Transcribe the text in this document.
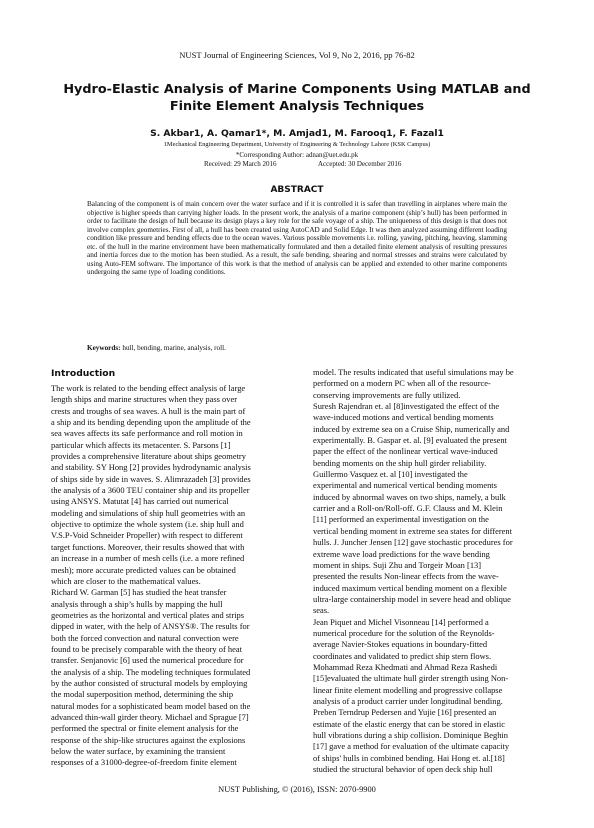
NUST Journal of Engineering Sciences, Vol 9, No 2, 2016, pp 76-82
Hydro-Elastic Analysis of Marine Components Using MATLAB and Finite Element Analysis Techniques
S. Akbar1, A. Qamar1*, M. Amjad1, M. Farooq1, F. Fazal1
1Mechanical Engineering Department, University of Engineering & Technology Lahore (KSK Campus)
*Corresponding Author: adnan@uet.edu.pk
Received: 29 March 2016	Accepted: 30 December 2016
ABSTRACT

Balancing of the component is of main concern over the water surface and if it is controlled it is safer than travelling in airplanes where main the objective is higher speeds than carrying higher loads. In the present work, the analysis of a marine component (ship’s hull) has been performed in order to facilitate the design of hull because its design plays a key role for the safe voyage of a ship. The uniqueness of this design is that does not involve complex geometries. First of all, a hull has been created using AutoCAD and Solid Edge. It was then analyzed assuming different loading condition like pressure and bending effects due to the ocean waves. Various possible movements i.e. rolling, yawing, pitching, heaving, slamming etc. of the hull in the marine environment have been mathematically formulated and then a detailed finite element analysis of resulting pressures and inertia forces due to the motion has been studied. As a result, the safe bending, shearing and normal stresses and strains were calculated by using Auto-FEM software. The importance of this work is that the method of analysis can be applied and extended to other marine components undergoing the same type of loading conditions.

Keywords: hull, bending, marine, analysis, roll.

Introduction
The work is related to the bending effect analysis of large
length ships and marine structures when they pass over
crests and troughs of sea waves. A hull is the main part of
a ship and its bending depending upon the amplitude of the
sea waves affects its safe performance and roll motion in
particular which affects its metacenter. S. Parsons [1]
provides a comprehensive literature about ships geometry
and stability. SY Hong [2] provides hydrodynamic analysis
of ships side by side in waves. S. Alimrazadeh [3] provides
the analysis of a 3600 TEU container ship and its propeller
using ANSYS. Matutat [4] has carried out numerical
modeling and simulations of ship hull geometries with an
objective to optimize the whole system (i.e. ship hull and
V.S.P-Void Schneider Propeller) with respect to different
target functions. Moreover, their results showed that with
an increase in a number of mesh cells (i.e. a more refined
mesh); more accurate predicted values can be obtained
which are closer to the mathematical values.
Richard W. Garman [5] has studied the heat transfer
analysis through a ship’s hulls by mapping the hull
geometries as the horizontal and vertical plates and strips
dipped in water, with the help of ANSYS®. The results for
both the forced convection and natural convection were
found to be precisely comparable with the theory of heat
transfer. Senjanovic [6] used the numerical procedure for
the analysis of a ship. The modeling techniques formulated
by the author consisted of structural models by employing
the modal superposition method, determining the ship
natural modes for a sophisticated beam model based on the
advanced thin-wall girder theory. Michael and Sprague [7]
performed the spectral or finite element analysis for the
response of the ship-like structures against the explosions
below the water surface, by examining the transient
responses of a 31000-degree-of-freedom finite element
model. The results indicated that useful simulations may be
performed on a modern PC when all of the resource-
conserving improvements are fully utilized.
Suresh Rajendran et. al [8]investigated the effect of the
wave-induced motions and vertical bending moments
induced by extreme sea on a Cruise Ship, numerically and
experimentally. B. Gaspar et. al. [9] evaluated the present
paper the effect of the nonlinear vertical wave-induced
bending moments on the ship hull girder reliability.
Guillermo Vasquez et. al [10] investigated the
experimental and numerical vertical bending moments
induced by abnormal waves on two ships, namely, a bulk
carrier and a Roll-on/Roll-off. G.F. Clauss and M. Klein
[11] performed an experimental investigation on the
vertical bending moment in extreme sea states for different
hulls. J. Juncher Jensen [12] gave stochastic procedures for
extreme wave load predictions for the wave bending
moment in ships. Suji Zhu and Torgeir Moan [13]
presented the results Non-linear effects from the wave-
induced maximum vertical bending moment on a flexible
ultra-large containership model in severe head and oblique
seas.
Jean Piquet and Michel Visonneau [14] performed a
numerical procedure for the solution of the Reynolds-
average Navier-Stokes equations in boundary-fitted
coordinates and validated to predict ship stern flows.
Mohammad Reza Khedmati and Ahmad Reza Rashedi
[15]evaluated the ultimate hull girder strength using Non-
linear finite element modelling and progressive collapse
analysis of a product carrier under longitudinal bending.
Preben Terndrup Pedersen and Yujie [16] presented an
estimate of the elastic energy that can be stored in elastic
hull vibrations during a ship collision. Dominique Beghin
[17] gave a method for evaluation of the ultimate capacity
of ships' hulls in combined bending. Hai Hong et. al.[18]
studied the structural behavior of open deck ship hull
NUST Publishing, © (2016), ISSN: 2070-9900
